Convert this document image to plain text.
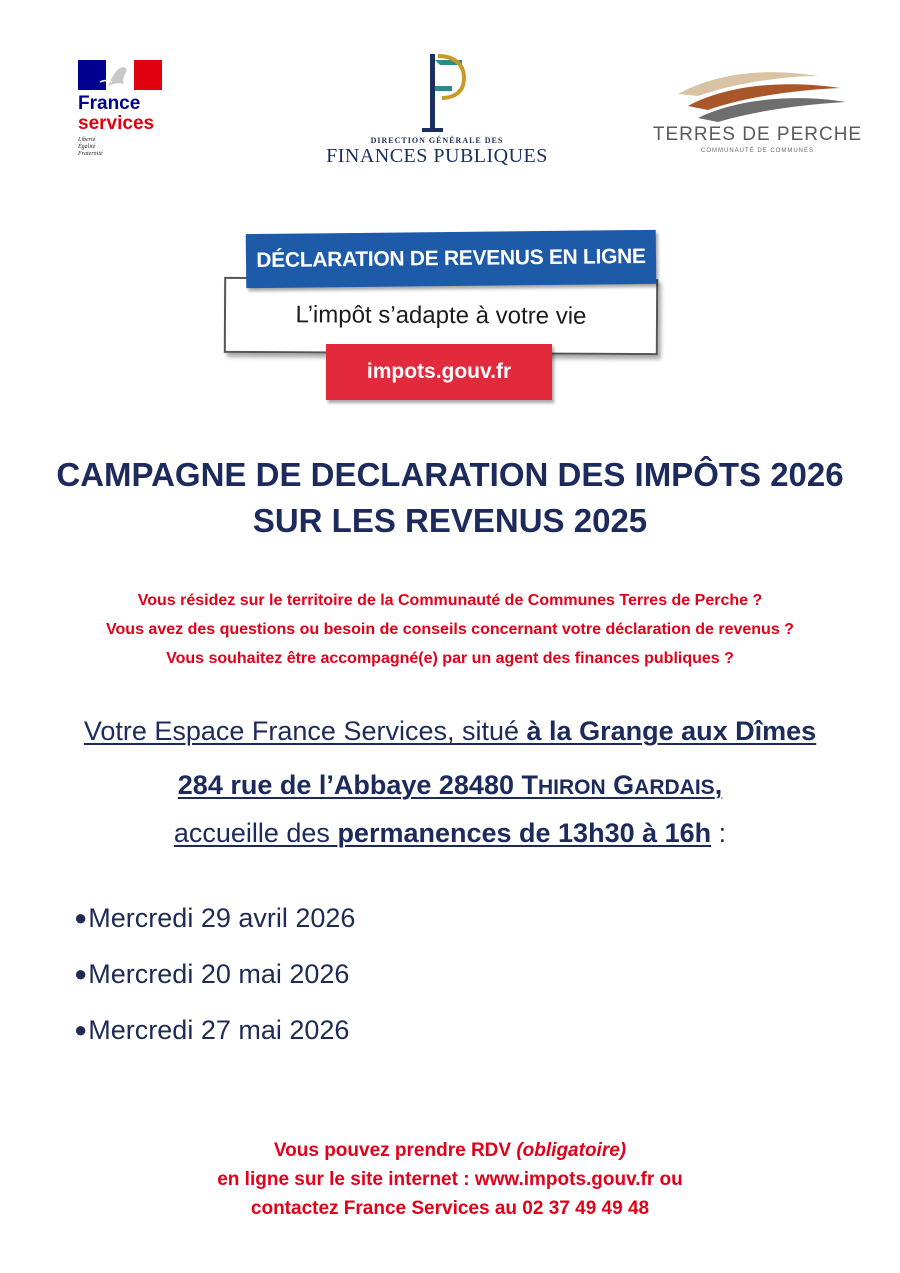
France
services
Liberté
Égalité
Fraternité
DIRECTION GÉNÉRALE DES
FINANCES PUBLIQUES
TERRES DE PERCHE
COMMUNAUTÉ DE COMMUNES
L’impôt s’adapte à votre vie
DÉCLARATION DE REVENUS EN LIGNE
impots.gouv.fr
CAMPAGNE DE DECLARATION DES IMPÔTS 2026
SUR LES REVENUS 2025
Vous résidez sur le territoire de la Communauté de Communes Terres de Perche ?
Vous avez des questions ou besoin de conseils concernant votre déclaration de revenus ?
Vous souhaitez être accompagné(e) par un agent des finances publiques ?
Votre Espace France Services, situé à la Grange aux Dîmes
284 rue de l’Abbaye 28480 THIRON GARDAIS,
accueille des permanences de 13h30 à 16h :
● Mercredi 29 avril 2026
● Mercredi 20 mai 2026
● Mercredi 27 mai 2026
Vous pouvez prendre RDV (obligatoire)
en ligne sur le site internet : www.impots.gouv.fr ou
contactez France Services au 02 37 49 49 48
